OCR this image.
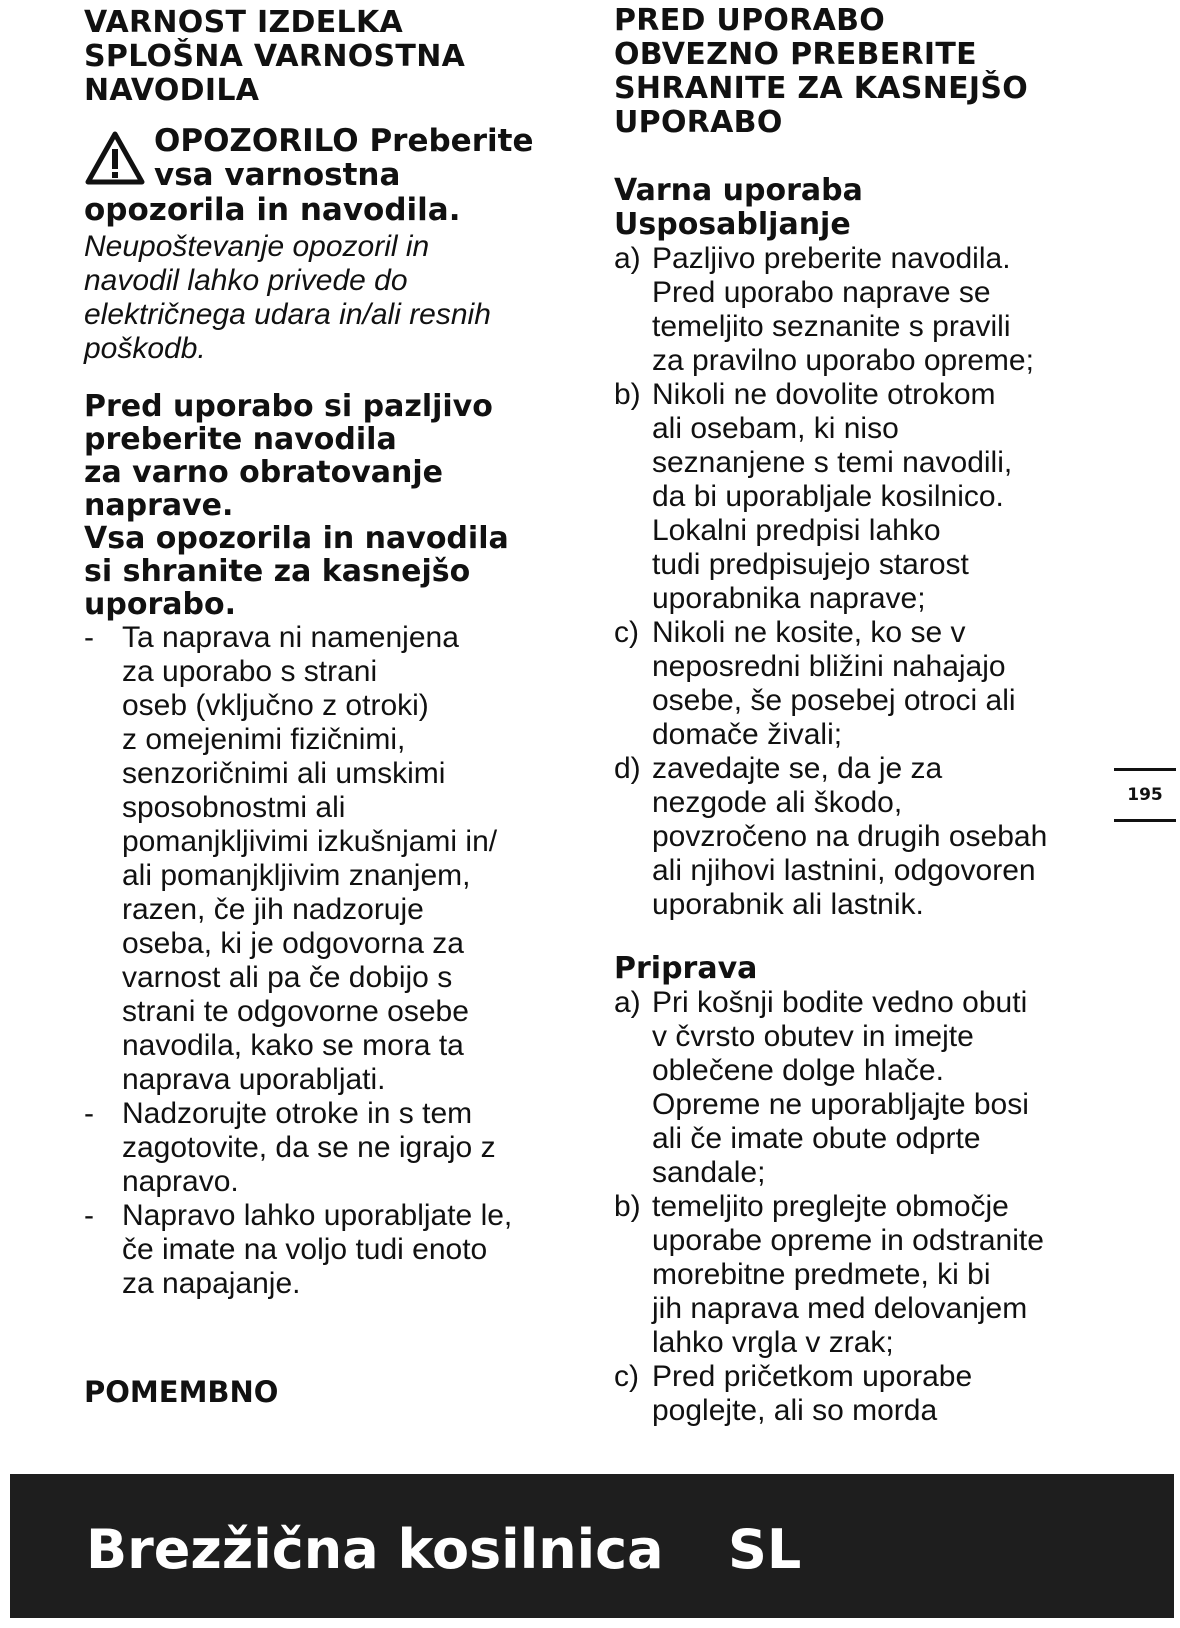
VARNOST IZDELKA
SPLOŠNA VARNOSTNA
NAVODILA
OPOZORILO Preberite
vsa varnostna

opozorila in navodila.

Neupoštevanje opozoril in
navodil lahko privede do
električnega udara in/ali resnih
poškodb.
Pred uporabo si pazljivo
preberite navodila
za varno obratovanje
naprave.
Vsa opozorila in navodila
si shranite za kasnejšo
uporabo.
- Ta naprava ni namenjena
za uporabo s strani
oseb (vključno z otroki)
z omejenimi fizičnimi,
senzoričnimi ali umskimi
sposobnostmi ali
pomanjkljivimi izkušnjami in/
ali pomanjkljivim znanjem,
razen, če jih nadzoruje
oseba, ki je odgovorna za
varnost ali pa če dobijo s
strani te odgovorne osebe
navodila, kako se mora ta
naprava uporabljati.
- Nadzorujte otroke in s tem
zagotovite, da se ne igrajo z
napravo.
- Napravo lahko uporabljate le,
če imate na voljo tudi enoto
za napajanje.
POMEMBNO
PRED UPORABO
OBVEZNO PREBERITE
SHRANITE ZA KASNEJŠO
UPORABO
Varna uporaba
Usposabljanje
a) Pazljivo preberite navodila.
Pred uporabo naprave se
temeljito seznanite s pravili
za pravilno uporabo opreme;
b) Nikoli ne dovolite otrokom
ali osebam, ki niso
seznanjene s temi navodili,
da bi uporabljale kosilnico.
Lokalni predpisi lahko
tudi predpisujejo starost
uporabnika naprave;
c) Nikoli ne kosite, ko se v
neposredni bližini nahajajo
osebe, še posebej otroci ali
domače živali;
d) zavedajte se, da je za
nezgode ali škodo,
povzročeno na drugih osebah
ali njihovi lastnini, odgovoren
uporabnik ali lastnik.
Priprava
a) Pri košnji bodite vedno obuti
v čvrsto obutev in imejte
oblečene dolge hlače.
Opreme ne uporabljajte bosi
ali če imate obute odprte
sandale;
b) temeljito preglejte območje
uporabe opreme in odstranite
morebitne predmete, ki bi
jih naprava med delovanjem
lahko vrgla v zrak;
c) Pred pričetkom uporabe
poglejte, ali so morda
195
Brezžična kosilnica SL
